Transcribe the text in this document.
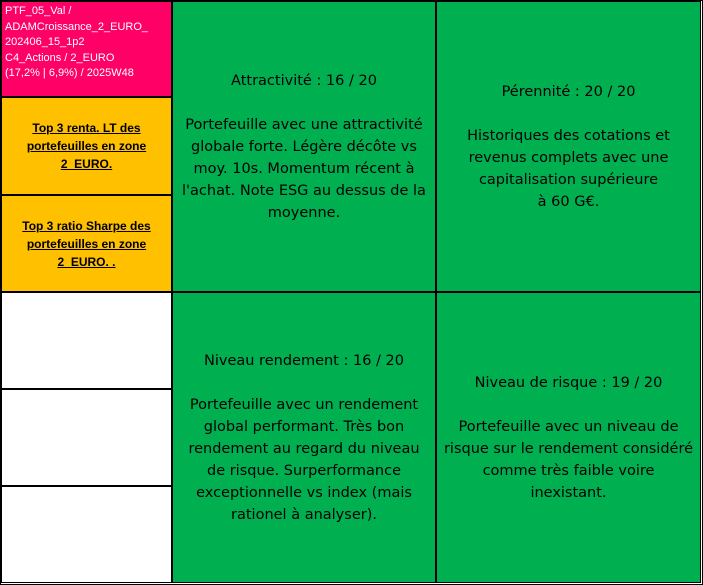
PTF_05_Val /
ADAMCroissance_2_EURO_
202406_15_1p2
C4_Actions / 2_EURO
(17,2% | 6,9%) / 2025W48
Top 3 renta. LT des portefeuilles en zone 2_EURO.
Top 3 ratio Sharpe des portefeuilles en zone 2_EURO. .
Attractivité : 16 / 20
Portefeuille avec une attractivité globale forte. Légère décôte vs moy. 10s. Momentum récent à l'achat. Note ESG au dessus de la moyenne.
Pérennité : 20 / 20
Historiques des cotations et
revenus complets avec une
capitalisation supérieure
à 60 G€.
Niveau rendement : 16 / 20
Portefeuille avec un rendement global performant. Très bon rendement au regard du niveau de risque. Surperformance exceptionnelle vs index (mais rationel à analyser).
Niveau de risque : 19 / 20
Portefeuille avec un niveau de risque sur le rendement considéré comme très faible voire inexistant.
